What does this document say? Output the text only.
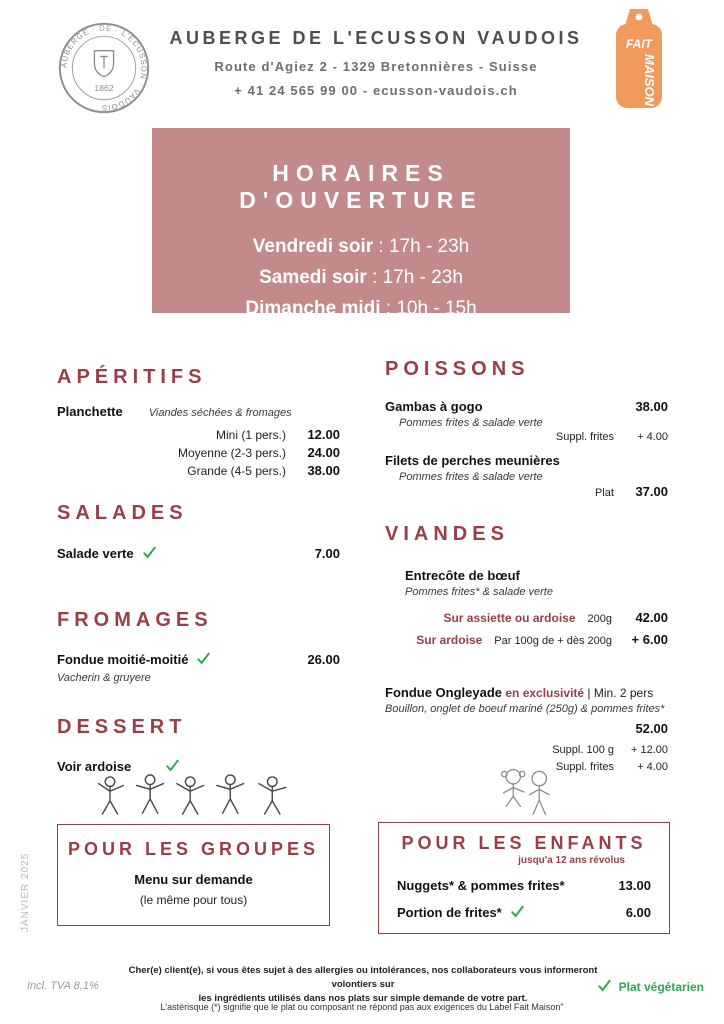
AUBERGE · DE · L'ECUSSON · VAUDOIS
1862
AUBERGE DE L'ECUSSON VAUDOIS
Route d'Agiez 2 - 1329 Bretonnières - Suisse
+ 41 24 565 99 00 - ecusson-vaudois.ch
FAIT
MAISON
HORAIRES D'OUVERTURE
Vendredi soir : 17h - 23h
Samedi soir : 17h - 23h
Dimanche midi : 10h - 15h
APÉRITIFS
Planchette Viandes séchées & fromages
Mini (1 pers.)	12.00
Moyenne (2-3 pers.)	24.00
Grande (4-5 pers.)	38.00
SALADES
Salade verte	7.00
FROMAGES
Fondue moitié-moitié	26.00
Vacherin & gruyere
DESSERT
Voir ardoise
POISSONS
Gambas à gogo	38.00
Pommes frites & salade verte
Suppl. frites	+ 4.00
Filets de perches meunières
Pommes frites & salade verte
Plat	37.00
VIANDES
Entrecôte de bœuf
Pommes frites* & salade verte
Sur assiette ou ardoise 200g	42.00
Sur ardoise Par 100g de + dès 200g	+ 6.00
Fondue Ongleyade en exclusivité | Min. 2 pers
Bouillon, onglet de boeuf mariné (250g) & pommes frites*
52.00
Suppl. 100 g	+ 12.00
Suppl. frites	+ 4.00
POUR LES GROUPES
Menu sur demande
(le même pour tous)
POUR LES ENFANTS
jusqu'a 12 ans révolus
Nuggets* & pommes frites*	13.00
Portion de frites*	6.00
JANVIER 2025
Incl. TVA 8,1%
Cher(e) client(e), si vous êtes sujet à des allergies ou intolérances, nos collaborateurs vous informeront volontiers sur
les ingrédients utilisés dans nos plats sur simple demande de votre part.
Plat végétarien
L'astérisque (*) signifie que le plat ou composant ne répond pas aux exigences du Label Fait Maison"
